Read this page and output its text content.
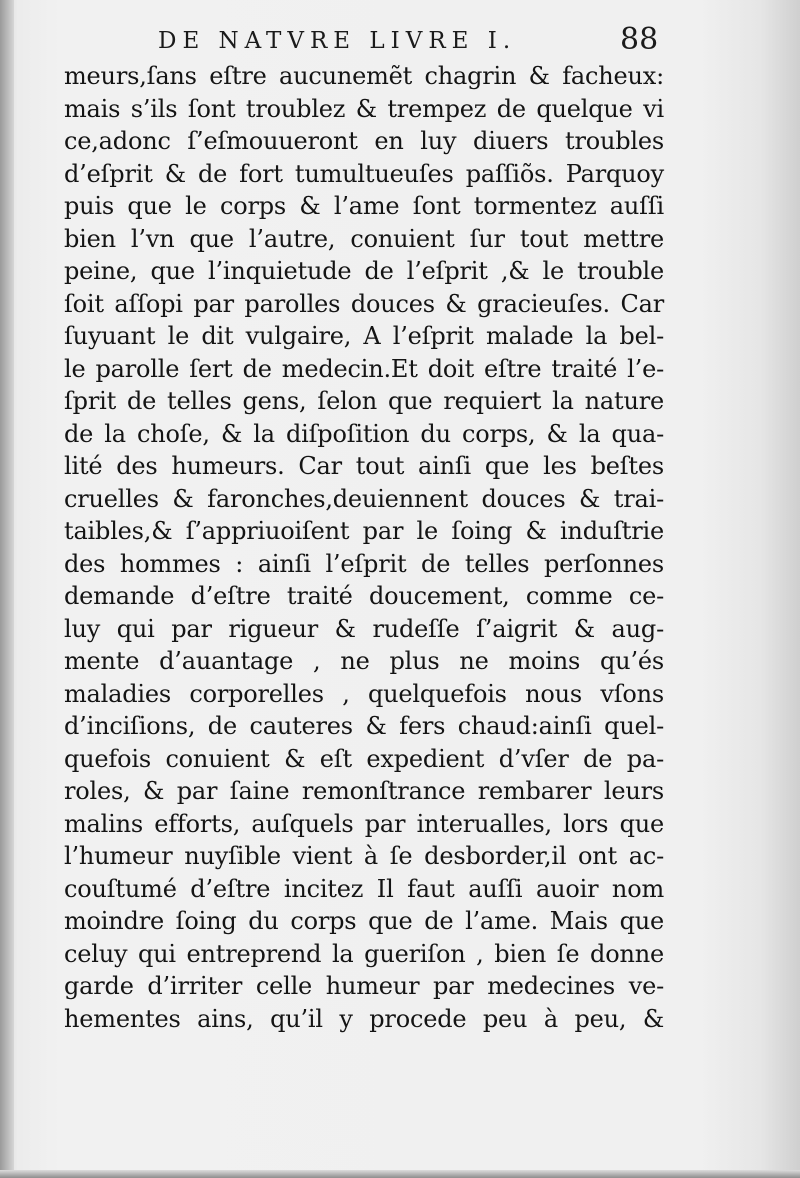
DE NATVRE LIVRE I.	88
meurs,ſans eſtre aucunemẽt chagrin & facheux:
mais s’ils ſont troublez & trempez de quelque vi
ce,adonc ſ’eſmouueront en luy diuers troubles
d’eſprit & de fort tumultueuſes paſſiõs. Parquoy
puis que le corps & l’ame ſont tormentez auſſi
bien l’vn que l’autre, conuient ſur tout mettre
peine, que l’inquietude de l’eſprit ,& le trouble
ſoit aſſopi par parolles douces & gracieuſes. Car
ſuyuant le dit vulgaire, A l’eſprit malade la bel-
le parolle ſert de medecin.Et doit eſtre traité l’e-
ſprit de telles gens, ſelon que requiert la nature
de la choſe, & la diſpoſition du corps, & la qua-
lité des humeurs. Car tout ainſi que les beſtes
cruelles & faronches,deuiennent douces & trai-
taibles,& ſ’appriuoiſent par le ſoing & induſtrie
des hommes : ainſi l’eſprit de telles perſonnes
demande d’eſtre traité doucement, comme ce-
luy qui par rigueur & rudeſſe ſ’aigrit & aug-
mente d’auantage , ne plus ne moins qu’és
maladies corporelles , quelquefois nous vſons
d’inciſions, de cauteres & fers chaud:ainſi quel-
quefois conuient & eſt expedient d’vſer de pa-
roles, & par ſaine remonſtrance rembarer leurs
malins efforts, auſquels par interualles, lors que
l’humeur nuyſible vient à ſe desborder,il ont ac-
couſtumé d’eſtre incitez Il faut auſſi auoir nom
moindre ſoing du corps que de l’ame. Mais que
celuy qui entreprend la gueriſon , bien ſe donne
garde d’irriter celle humeur par medecines ve-
hementes ains, qu’il y procede peu à peu, &
